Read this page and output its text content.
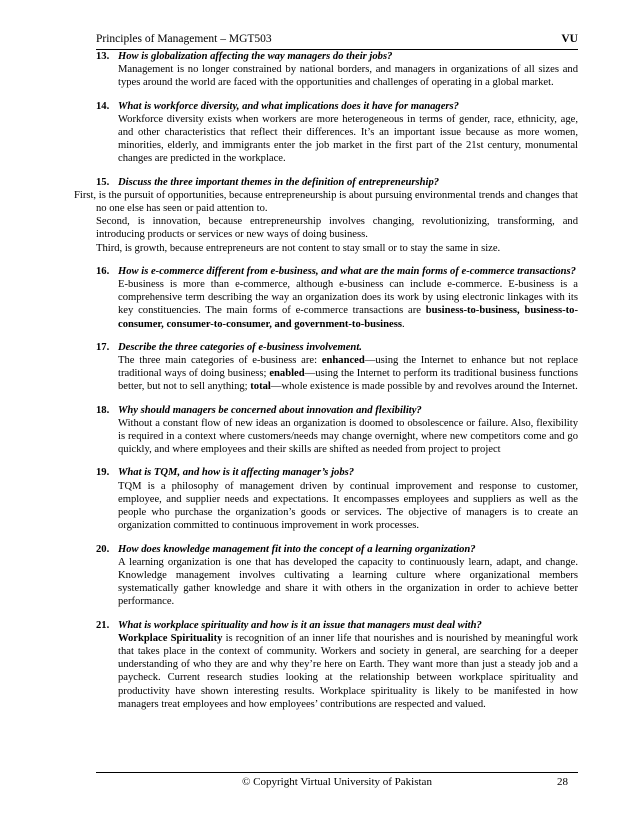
Principles of Management – MGT503	VU
13. How is globalization affecting the way managers do their jobs?

Management is no longer constrained by national borders, and managers in organizations of all sizes and types around the world are faced with the opportunities and challenges of operating in a global market.

14. What is workforce diversity, and what implications does it have for managers?

Workforce diversity exists when workers are more heterogeneous in terms of gender, race, ethnicity, age, and other characteristics that reflect their differences. It’s an important issue because as more women, minorities, elderly, and immigrants enter the job market in the first part of the 21st century, monumental changes are predicted in the workplace.

15. Discuss the three important themes in the definition of entrepreneurship?

First, is the pursuit of opportunities, because entrepreneurship is about pursuing environmental trends and changes that no one else has seen or paid attention to.

Second, is innovation, because entrepreneurship involves changing, revolutionizing, transforming, and introducing products or services or new ways of doing business.

Third, is growth, because entrepreneurs are not content to stay small or to stay the same in size.

16. How is e-commerce different from e-business, and what are the main forms of e-commerce transactions?

E-business is more than e-commerce, although e-business can include e-commerce. E-business is a comprehensive term describing the way an organization does its work by using electronic linkages with its key constituencies. The main forms of e-commerce transactions are business-to-business, business-to-consumer, consumer-to-consumer, and government-to-business.

17. Describe the three categories of e-business involvement.

The three main categories of e-business are: enhanced—using the Internet to enhance but not replace traditional ways of doing business; enabled—using the Internet to perform its traditional business functions better, but not to sell anything; total—whole existence is made possible by and revolves around the Internet.

18. Why should managers be concerned about innovation and flexibility?

Without a constant flow of new ideas an organization is doomed to obsolescence or failure. Also, flexibility is required in a context where customers/needs may change overnight, where new competitors come and go quickly, and where employees and their skills are shifted as needed from project to project

19. What is TQM, and how is it affecting manager’s jobs?

TQM is a philosophy of management driven by continual improvement and response to customer, employee, and supplier needs and expectations. It encompasses employees and suppliers as well as the people who purchase the organization’s goods or services. The objective of managers is to create an organization committed to continuous improvement in work processes.

20. How does knowledge management fit into the concept of a learning organization?

A learning organization is one that has developed the capacity to continuously learn, adapt, and change. Knowledge management involves cultivating a learning culture where organizational members systematically gather knowledge and share it with others in the organization in order to achieve better performance.

21. What is workplace spirituality and how is it an issue that managers must deal with?

Workplace Spirituality is recognition of an inner life that nourishes and is nourished by meaningful work that takes place in the context of community. Workers and society in general, are searching for a deeper understanding of who they are and why they’re here on Earth. They want more than just a steady job and a paycheck. Current research studies looking at the relationship between workplace spirituality and productivity have shown interesting results. Workplace spirituality is likely to be manifested in how managers treat employees and how employees’ contributions are respected and valued.

© Copyright Virtual University of Pakistan	28
